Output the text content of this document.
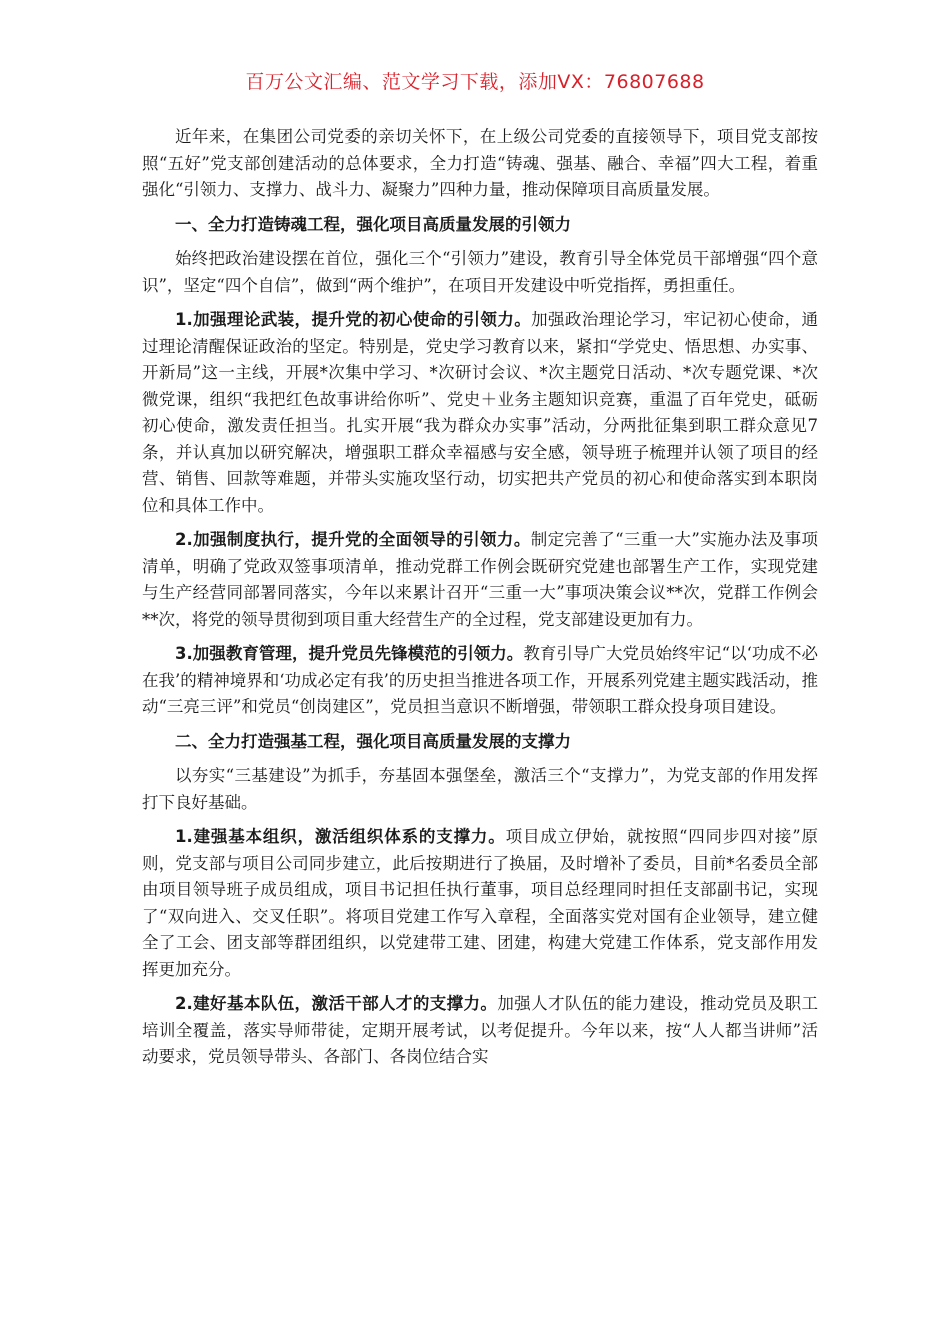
百万公文汇编、范文学习下载，添加VX：76807688

近年来，在集团公司党委的亲切关怀下，在上级公司党委的直接领导下，项目党支部按照“五好”党支部创建活动的总体要求，全力打造“铸魂、强基、融合、幸福”四大工程，着重强化“引领力、支撑力、战斗力、凝聚力”四种力量，推动保障项目高质量发展。

一、全力打造铸魂工程，强化项目高质量发展的引领力

始终把政治建设摆在首位，强化三个“引领力”建设，教育引导全体党员干部增强“四个意识”，坚定“四个自信”，做到“两个维护”，在项目开发建设中听党指挥，勇担重任。

1.加强理论武装，提升党的初心使命的引领力。加强政治理论学习，牢记初心使命，通过理论清醒保证政治的坚定。特别是，党史学习教育以来，紧扣“学党史、悟思想、办实事、开新局”这一主线，开展*次集中学习、*次研讨会议、*次主题党日活动、*次专题党课、*次微党课，组织“我把红色故事讲给你听”、党史＋业务主题知识竞赛，重温了百年党史，砥砺初心使命，激发责任担当。扎实开展“我为群众办实事”活动，分两批征集到职工群众意见7条，并认真加以研究解决，增强职工群众幸福感与安全感，领导班子梳理并认领了项目的经营、销售、回款等难题，并带头实施攻坚行动，切实把共产党员的初心和使命落实到本职岗位和具体工作中。

2.加强制度执行，提升党的全面领导的引领力。制定完善了“三重一大”实施办法及事项清单，明确了党政双签事项清单，推动党群工作例会既研究党建也部署生产工作，实现党建与生产经营同部署同落实，今年以来累计召开“三重一大”事项决策会议**次，党群工作例会**次，将党的领导贯彻到项目重大经营生产的全过程，党支部建设更加有力。

3.加强教育管理，提升党员先锋模范的引领力。教育引导广大党员始终牢记“以‘功成不必在我’的精神境界和‘功成必定有我’的历史担当推进各项工作，开展系列党建主题实践活动，推动“三亮三评”和党员“创岗建区”，党员担当意识不断增强，带领职工群众投身项目建设。

二、全力打造强基工程，强化项目高质量发展的支撑力

以夯实“三基建设”为抓手，夯基固本强堡垒，激活三个“支撑力”，为党支部的作用发挥打下良好基础。

1.建强基本组织，激活组织体系的支撑力。项目成立伊始，就按照“四同步四对接”原则，党支部与项目公司同步建立，此后按期进行了换届，及时增补了委员，目前*名委员全部由项目领导班子成员组成，项目书记担任执行董事，项目总经理同时担任支部副书记，实现了“双向进入、交叉任职”。将项目党建工作写入章程，全面落实党对国有企业领导，建立健全了工会、团支部等群团组织，以党建带工建、团建，构建大党建工作体系，党支部作用发挥更加充分。

2.建好基本队伍，激活干部人才的支撑力。加强人才队伍的能力建设，推动党员及职工培训全覆盖，落实导师带徒，定期开展考试，以考促提升。今年以来，按“人人都当讲师”活动要求，党员领导带头、各部门、各岗位结合实
